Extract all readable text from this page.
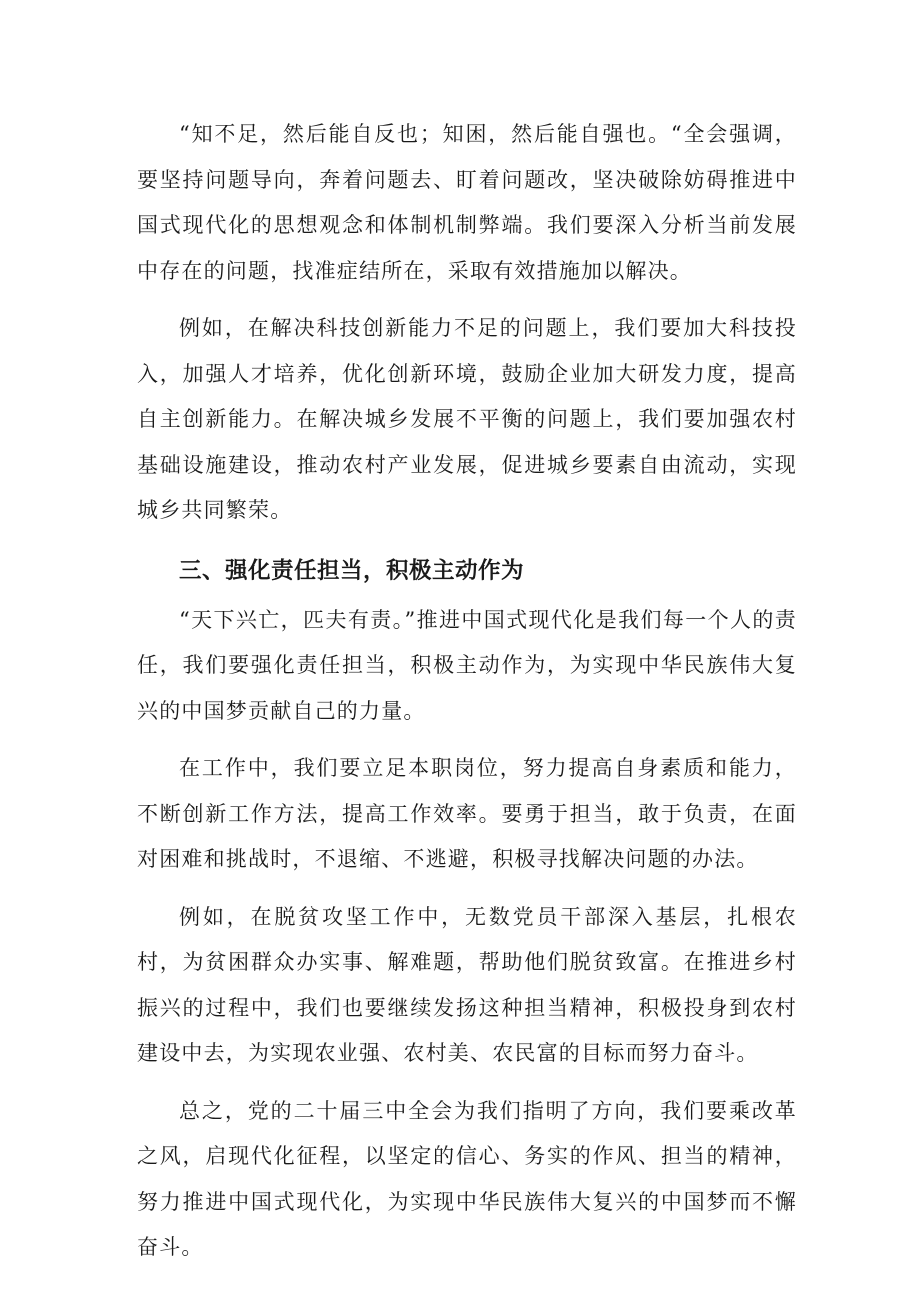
“知不足，然后能自反也；知困，然后能自强也。“全会强调，要坚持问题导向，奔着问题去、盯着问题改，坚决破除妨碍推进中国式现代化的思想观念和体制机制弊端。我们要深入分析当前发展中存在的问题，找准症结所在，采取有效措施加以解决。

例如，在解决科技创新能力不足的问题上，我们要加大科技投入，加强人才培养，优化创新环境，鼓励企业加大研发力度，提高自主创新能力。在解决城乡发展不平衡的问题上，我们要加强农村基础设施建设，推动农村产业发展，促进城乡要素自由流动，实现城乡共同繁荣。

三、强化责任担当，积极主动作为

“天下兴亡，匹夫有责。”推进中国式现代化是我们每一个人的责任，我们要强化责任担当，积极主动作为，为实现中华民族伟大复兴的中国梦贡献自己的力量。

在工作中，我们要立足本职岗位，努力提高自身素质和能力，不断创新工作方法，提高工作效率。要勇于担当，敢于负责，在面对困难和挑战时，不退缩、不逃避，积极寻找解决问题的办法。

例如，在脱贫攻坚工作中，无数党员干部深入基层，扎根农村，为贫困群众办实事、解难题，帮助他们脱贫致富。在推进乡村振兴的过程中，我们也要继续发扬这种担当精神，积极投身到农村建设中去，为实现农业强、农村美、农民富的目标而努力奋斗。

总之，党的二十届三中全会为我们指明了方向，我们要乘改革之风，启现代化征程，以坚定的信心、务实的作风、担当的精神，努力推进中国式现代化，为实现中华民族伟大复兴的中国梦而不懈奋斗。
